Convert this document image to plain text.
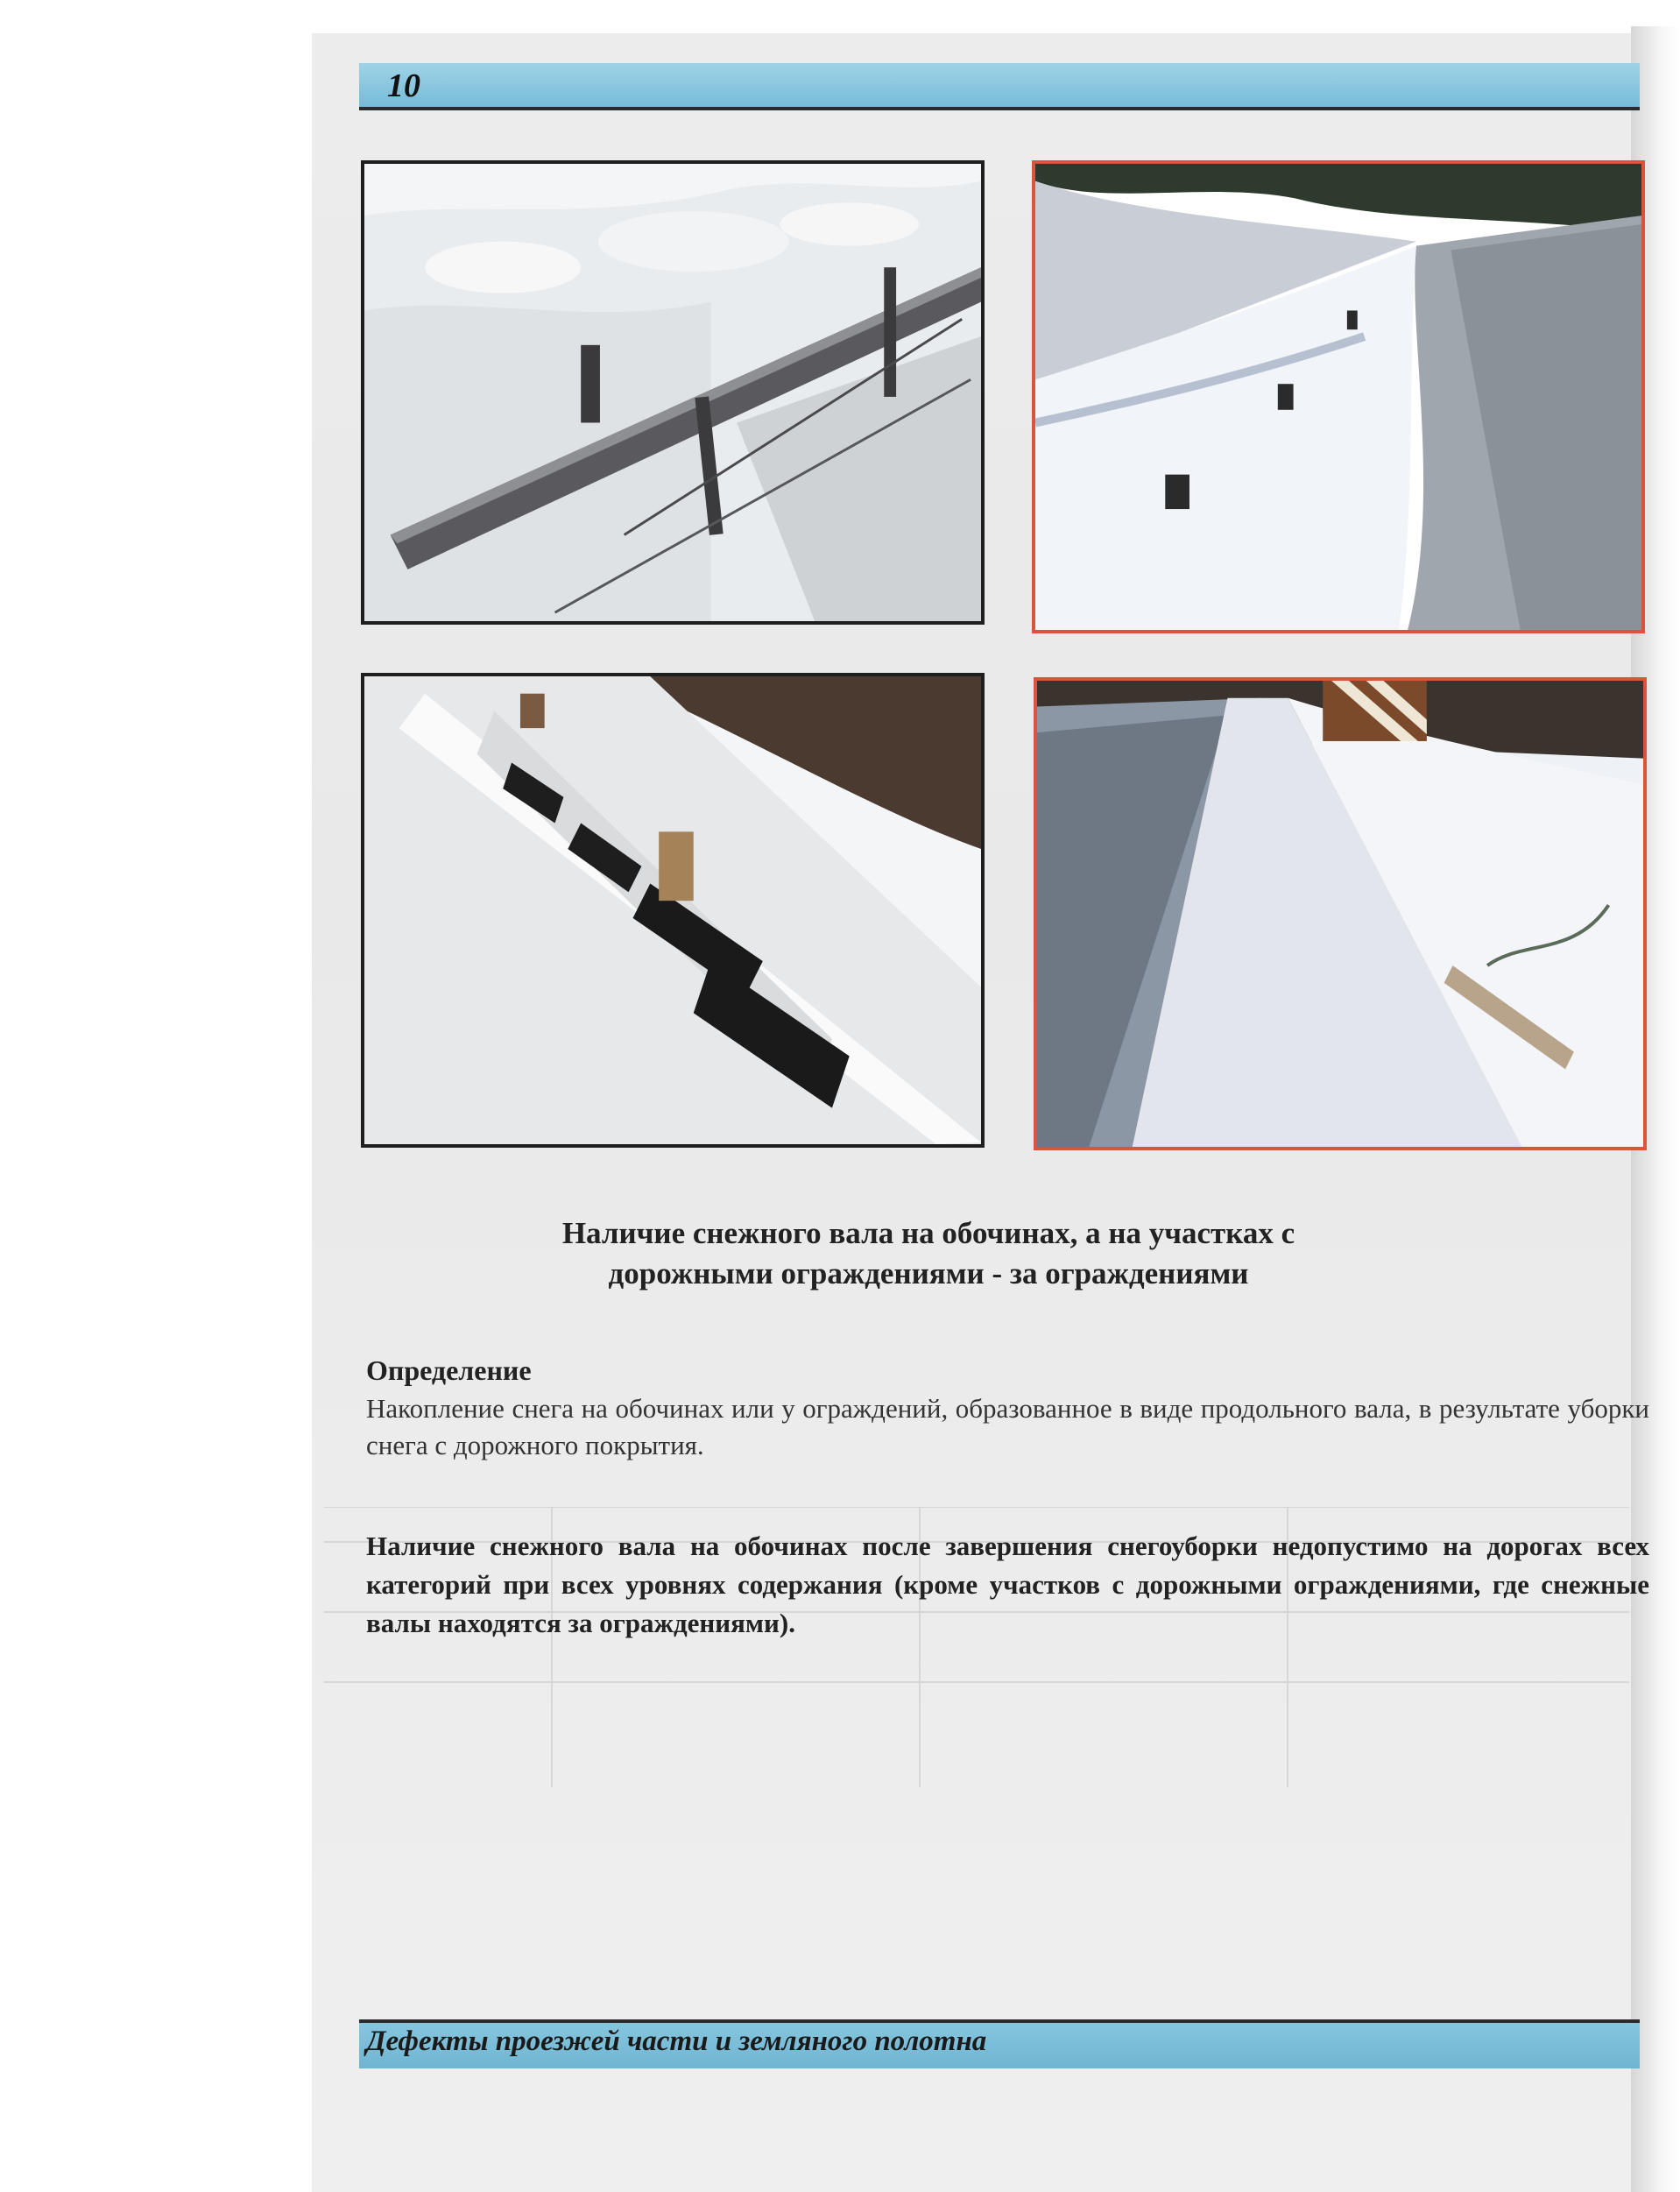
10
Наличие снежного вала на обочинах, а на участках с
дорожными ограждениями - за ограждениями
Определение
Накопление снега на обочинах или у ограждений, образованное в виде продольного вала, в результате уборки снега с дорожного покрытия.
Наличие снежного вала на обочинах после завершения снегоуборки недопустимо на дорогах всех категорий при всех уровнях содержания (кроме участков с дорожными ограждениями, где снежные валы находятся за ограждениями).
Дефекты проезжей части и земляного полотна
